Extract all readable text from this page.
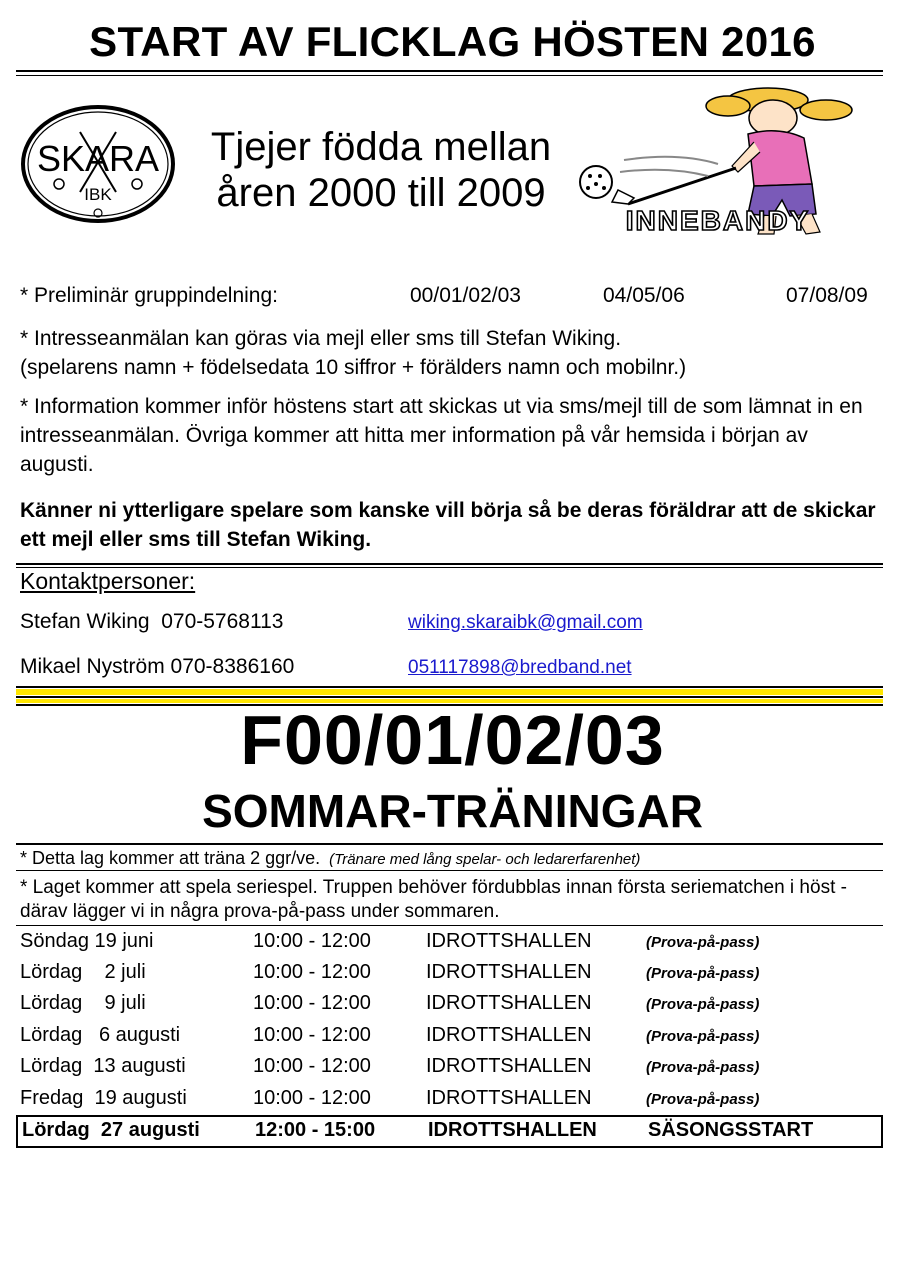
START AV FLICKLAG HÖSTEN 2016
SKARA
IBK
Tjejer födda mellan
åren 2000 till 2009
INNEBANDY
* Preliminär gruppindelning:	00/01/02/03	04/05/06	07/08/09
* Intresseanmälan kan göras via mejl eller sms till Stefan Wiking.
(spelarens namn + födelsedata 10 siffror + förälders namn och mobilnr.)
* Information kommer inför höstens start att skickas ut via sms/mejl till de som lämnat in en intresseanmälan. Övriga kommer att hitta mer information på vår hemsida i början av augusti.
Känner ni ytterligare spelare som kanske vill börja så be deras föräldrar att de skickar ett mejl eller sms till Stefan Wiking.
Kontaktpersoner:
Stefan Wiking  070-5768113	wiking.skaraibk@gmail.com
Mikael Nyström 070-8386160	051117898@bredband.net
F00/01/02/03
SOMMAR-TRÄNINGAR
* Detta lag kommer att träna 2 ggr/ve. (Tränare med lång spelar- och ledarerfarenhet)
* Laget kommer att spela seriespel. Truppen behöver fördubblas innan första seriematchen i höst - därav lägger vi in några prova-på-pass under sommaren.
Söndag 19 juni	10:00 - 12:00	IDROTTSHALLEN	(Prova-på-pass)
Lördag    2 juli	10:00 - 12:00	IDROTTSHALLEN	(Prova-på-pass)
Lördag    9 juli	10:00 - 12:00	IDROTTSHALLEN	(Prova-på-pass)
Lördag   6 augusti	10:00 - 12:00	IDROTTSHALLEN	(Prova-på-pass)
Lördag  13 augusti	10:00 - 12:00	IDROTTSHALLEN	(Prova-på-pass)
Fredag  19 augusti	10:00 - 12:00	IDROTTSHALLEN	(Prova-på-pass)
Lördag  27 augusti	12:00 - 15:00	IDROTTSHALLEN	SÄSONGSSTART
